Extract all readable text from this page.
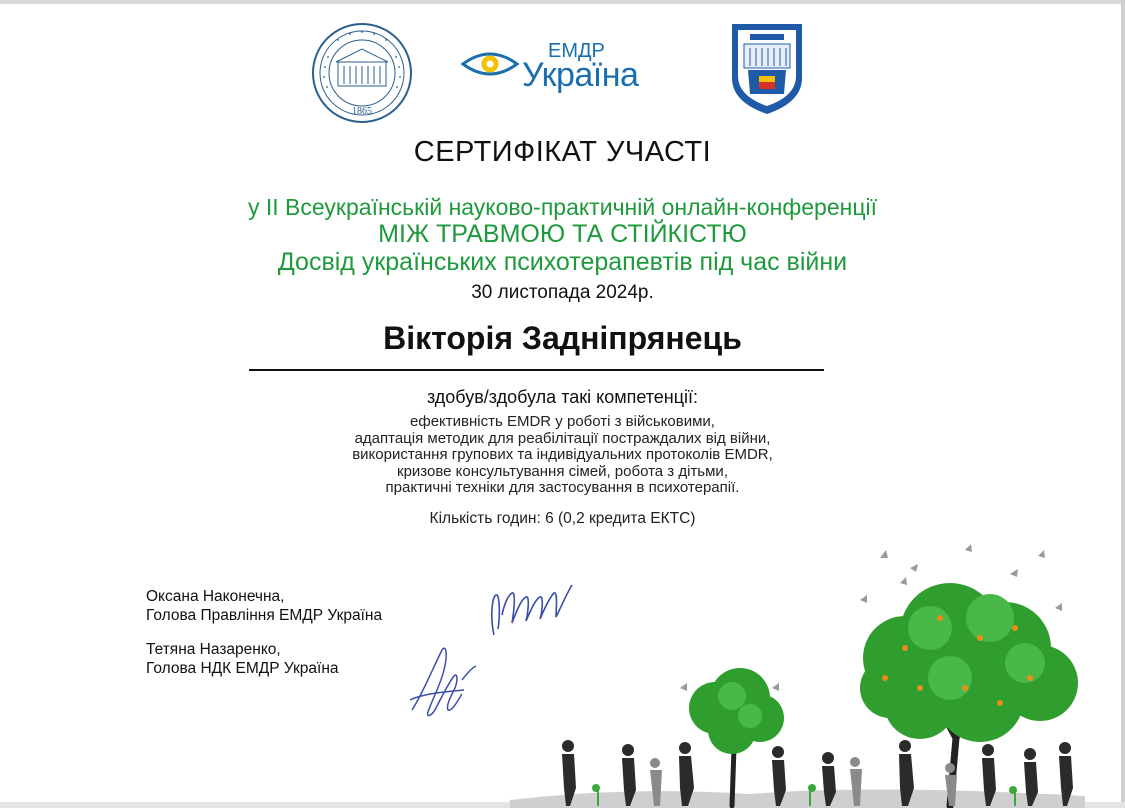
1865
ЕМДР
Україна
СЕРТИФІКАТ УЧАСТІ
у II Всеукраїнській науково-практичній онлайн-конференції
МІЖ ТРАВМОЮ ТА СТІЙКІСТЮ
Досвід українських психотерапевтів під час війни
30 листопада 2024р.
Вікторія Задніпрянець
здобув/здобула такі компетенції:
ефективність EMDR у роботі з військовими,
адаптація методик для реабілітації постраждалих від війни,
використання групових та індивідуальних протоколів EMDR,
кризове консультування сімей, робота з дітьми,
практичні техніки для застосування в психотерапії.
Кількість годин: 6 (0,2 кредита ЕКТС)
Оксана Наконечна,
Голова Правління ЕМДР Україна
Тетяна Назаренко,
Голова НДК ЕМДР Україна
